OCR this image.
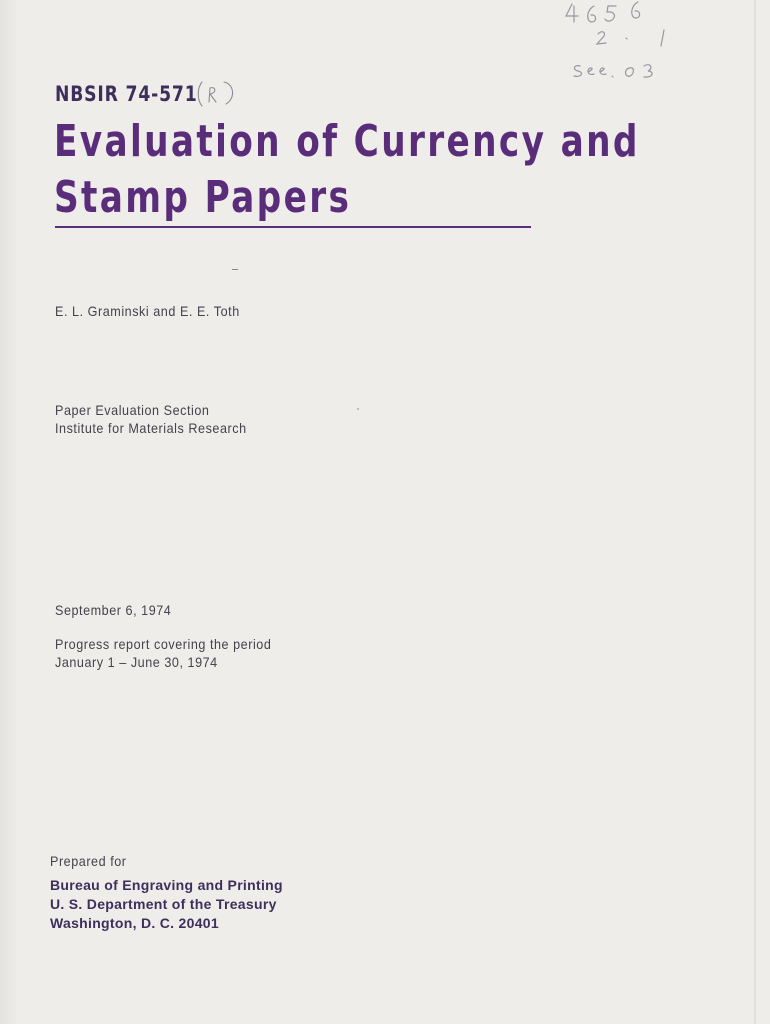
NBSIR 74-571
Evaluation of Currency and
Stamp Papers
E. L. Graminski and E. E. Toth
Paper Evaluation Section
Institute for Materials Research
September 6, 1974
Progress report covering the period
January 1 – June 30, 1974
Prepared for
Bureau of Engraving and Printing
U. S. Department of the Treasury
Washington, D. C. 20401
